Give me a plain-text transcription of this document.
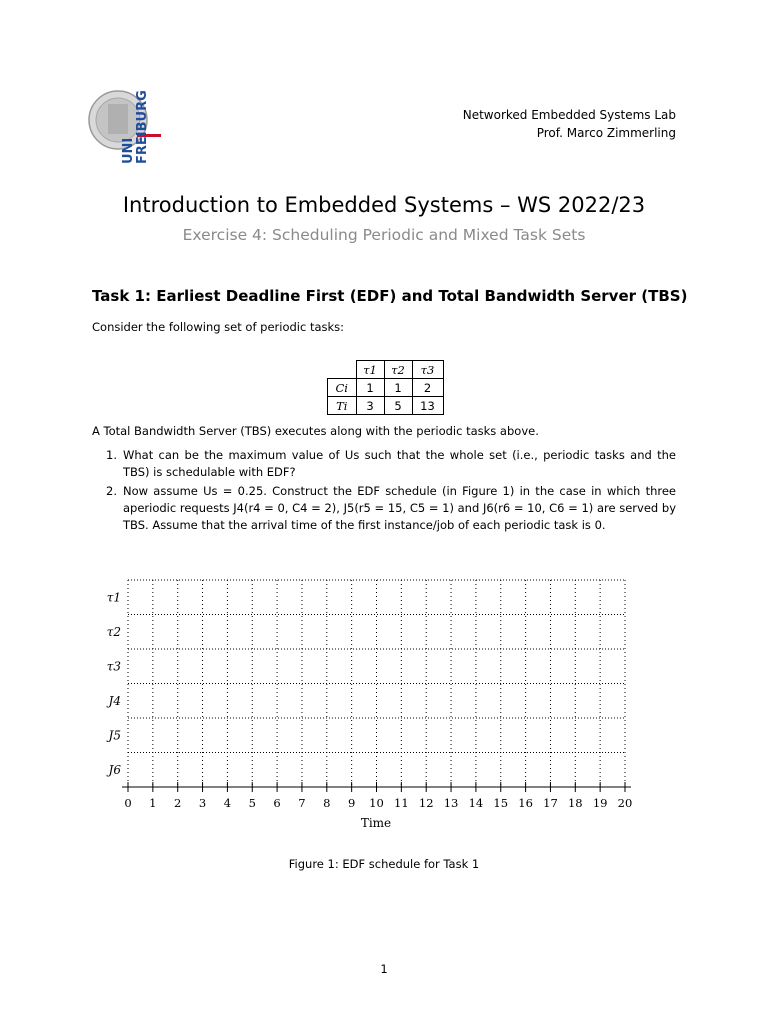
UNI FREIBURG	Networked Embedded Systems Lab
Prof. Marco Zimmerling
Introduction to Embedded Systems – WS 2022/23
Exercise 4: Scheduling Periodic and Mixed Task Sets
Task 1: Earliest Deadline First (EDF) and Total Bandwidth Server (TBS)
Consider the following set of periodic tasks:
	τ1	τ2	τ3
Ci	1	1	2
Ti	3	5	13
A Total Bandwidth Server (TBS) executes along with the periodic tasks above.
1. What can be the maximum value of Us such that the whole set (i.e., periodic tasks and the TBS) is schedulable with EDF?
2. Now assume Us = 0.25. Construct the EDF schedule (in Figure 1) in the case in which three aperiodic requests J4(r4 = 0, C4 = 2), J5(r5 = 15, C5 = 1) and J6(r6 = 10, C6 = 1) are served by TBS. Assume that the arrival time of the first instance/job of each periodic task is 0.
Time
0 1 2 3 4 5 6 7 8 9 10 11 12 13 14 15 16 17 18 19 20
τ1
τ2
τ3
J4
J5
J6
Figure 1: EDF schedule for Task 1
1
